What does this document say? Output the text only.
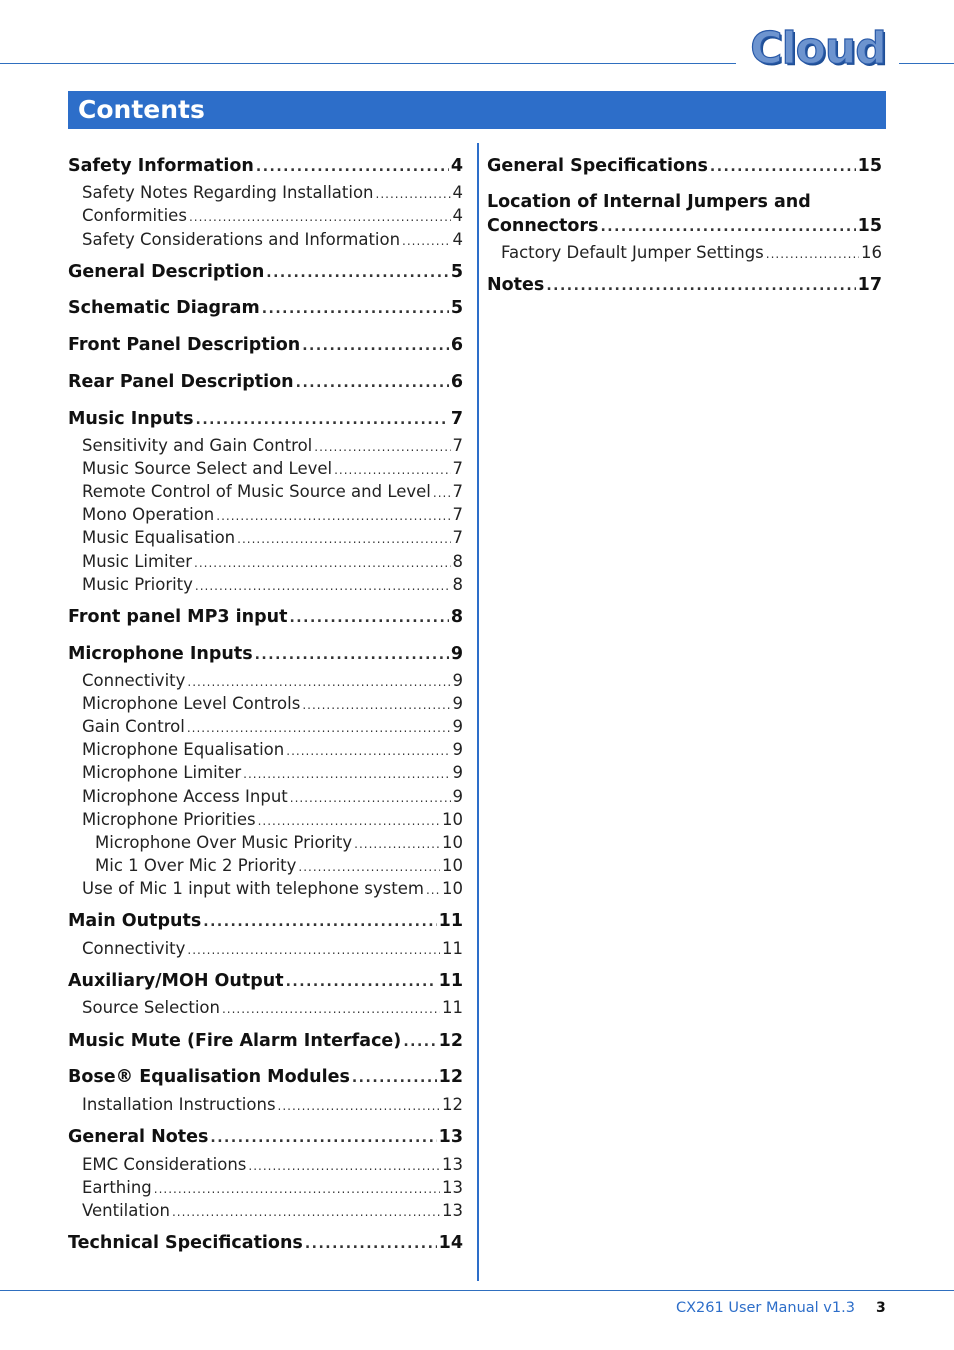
Cloud
Contents
Safety Information .....	4
Safety Notes Regarding Installation .....	4
Conformities .....	4
Safety Considerations and Information .....	4
General Description .....	5
Schematic Diagram .....	5
Front Panel Description .....	6
Rear Panel Description .....	6
Music Inputs .....	7
Sensitivity and Gain Control .....	7
Music Source Select and Level .....	7
Remote Control of Music Source and Level ..... 7
Mono Operation .....	7
Music Equalisation .....	7
Music Limiter .....	8
Music Priority .....	8
Front panel MP3 input .....	8
Microphone Inputs .....	9
Connectivity .....	9
Microphone Level Controls .....	9
Gain Control .....	9
Microphone Equalisation .....	9
Microphone Limiter .....	9
Microphone Access Input .....	9
Microphone Priorities .....	10
Microphone Over Music Priority .....	10
Mic 1 Over Mic 2 Priority .....	10
Use of Mic 1 input with telephone system ..... 10
Main Outputs .....	11
Connectivity .....	11
Auxiliary/MOH Output .....	11
Source Selection .....	11
Music Mute (Fire Alarm Interface) ..... 12
Bose® Equalisation Modules .....	12
Installation Instructions .....	12
General Notes .....	13
EMC Considerations .....	13
Earthing .....	13
Ventilation .....	13
Technical Specifications .....	14
General Specifications .....	15
Location of Internal Jumpers and
Connectors .....	15
Factory Default Jumper Settings .....	16
Notes .....	17
CX261 User Manual v1.3 3
